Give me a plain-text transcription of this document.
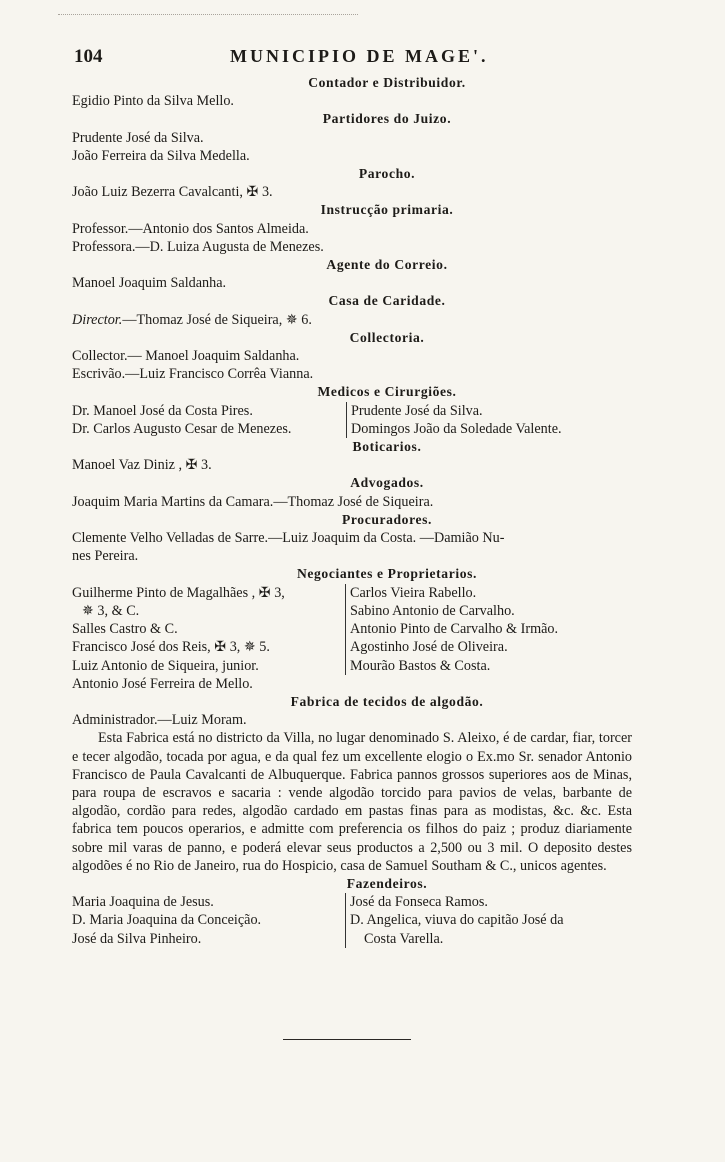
104	MUNICIPIO DE MAGE'.
Contador e Distribuidor.
Egidio Pinto da Silva Mello.
Partidores do Juizo.
Prudente José da Silva.
João Ferreira da Silva Medella.
Parocho.
João Luiz Bezerra Cavalcanti, ✠ 3.
Instrucção primaria.
Professor.—Antonio dos Santos Almeida.
Professora.—D. Luiza Augusta de Menezes.
Agente do Correio.
Manoel Joaquim Saldanha.
Casa de Caridade.
Director.—Thomaz José de Siqueira, ✵ 6.
Collectoria.
Collector.— Manoel Joaquim Saldanha.
Escrivão.—Luiz Francisco Corrêa Vianna.
Medicos e Cirurgiões.
Dr. Manoel José da Costa Pires.
Dr. Carlos Augusto Cesar de Menezes.
Prudente José da Silva.
Domingos João da Soledade Valente.
Boticarios.
Manoel Vaz Diniz , ✠ 3.
Advogados.
Joaquim Maria Martins da Camara.—Thomaz José de Siqueira.
Procuradores.
Clemente Velho Velladas de Sarre.—Luiz Joaquim da Costa. —Damião Nu-
nes Pereira.
Negociantes e Proprietarios.
Guilherme Pinto de Magalhães , ✠ 3,
✵ 3, & C.
Salles Castro & C.
Francisco José dos Reis, ✠ 3, ✵ 5.
Luiz Antonio de Siqueira, junior.
Antonio José Ferreira de Mello.
Carlos Vieira Rabello.
Sabino Antonio de Carvalho.
Antonio Pinto de Carvalho & Irmão.
Agostinho José de Oliveira.
Mourão Bastos & Costa.
Fabrica de tecidos de algodão.
Administrador.—Luiz Moram.
Esta Fabrica está no districto da Villa, no lugar denominado S. Aleixo, é de cardar, fiar, torcer e tecer algodão, tocada por agua, e da qual fez um excellente elogio o Ex.mo Sr. senador Antonio Francisco de Paula Cavalcanti de Albuquerque. Fabrica pannos grossos superiores aos de Minas, para roupa de escravos e sacaria : vende algodão torcido para pavios de velas, barbante de algodão, cordão para redes, algodão cardado em pastas finas para as modistas, &c. &c. Esta fabrica tem poucos operarios, e admitte com preferencia os filhos do paiz ; produz diariamente sobre mil varas de panno, e poderá elevar seus productos a 2,500 ou 3 mil. O deposito destes algodões é no Rio de Janeiro, rua do Hospicio, casa de Samuel Southam & C., unicos agentes.
Fazendeiros.
Maria Joaquina de Jesus.
D. Maria Joaquina da Conceição.
José da Silva Pinheiro.
José da Fonseca Ramos.
D. Angelica, viuva do capitão José da
Costa Varella.
